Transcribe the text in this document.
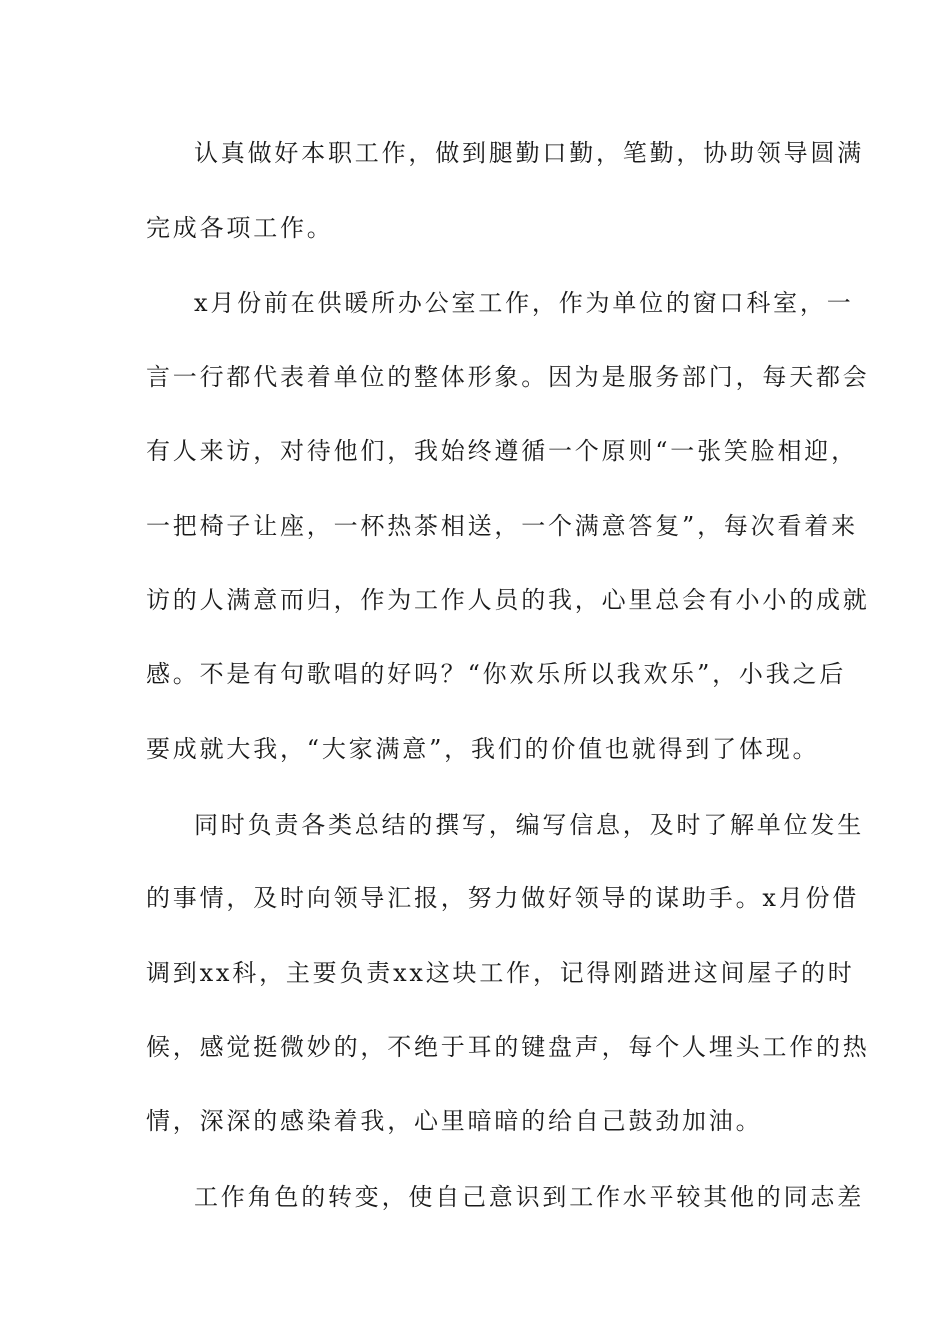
认真做好本职工作，做到腿勤口勤，笔勤，协助领导圆满
完成各项工作。
x月份前在供暖所办公室工作，作为单位的窗口科室，一
言一行都代表着单位的整体形象。因为是服务部门，每天都会
有人来访，对待他们，我始终遵循一个原则“一张笑脸相迎，
一把椅子让座，一杯热茶相送，一个满意答复”，每次看着来
访的人满意而归，作为工作人员的我，心里总会有小小的成就
感。不是有句歌唱的好吗？“你欢乐所以我欢乐”，小我之后
要成就大我，“大家满意”，我们的价值也就得到了体现。
同时负责各类总结的撰写，编写信息，及时了解单位发生
的事情，及时向领导汇报，努力做好领导的谋助手。x月份借
调到xx科，主要负责xx这块工作，记得刚踏进这间屋子的时
候，感觉挺微妙的，不绝于耳的键盘声，每个人埋头工作的热
情，深深的感染着我，心里暗暗的给自己鼓劲加油。
工作角色的转变，使自己意识到工作水平较其他的同志差
